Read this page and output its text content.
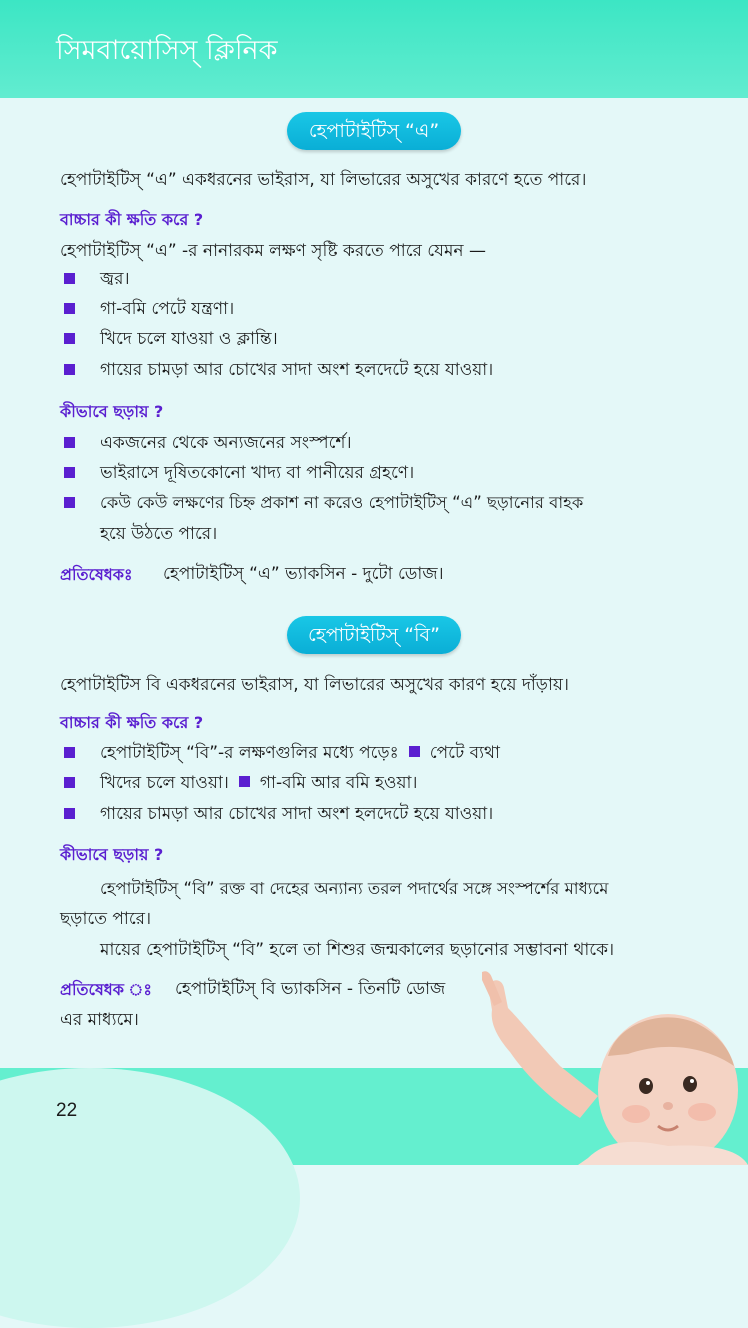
সিমবায়োসিস্ ক্লিনিক
হেপাটাইটিস্ “এ”
হেপাটাইটিস্ “এ” একধরনের ভাইরাস, যা লিভারের অসুখের কারণে হতে পারে।
বাচ্চার কী ক্ষতি করে ?
হেপাটাইটিস্ “এ” -র নানারকম লক্ষণ সৃষ্টি করতে পারে যেমন —
জ্বর।
গা-বমি পেটে যন্ত্রণা।
খিদে চলে যাওয়া ও ক্লান্তি।
গায়ের চামড়া আর চোখের সাদা অংশ হলদেটে হয়ে যাওয়া।
কীভাবে ছড়ায় ?
একজনের থেকে অন্যজনের সংস্পর্শে।
ভাইরাসে দূষিতকোনো খাদ্য বা পানীয়ের গ্রহণে।
কেউ কেউ লক্ষণের চিহ্ন প্রকাশ না করেও হেপাটাইটিস্ “এ” ছড়ানোর বাহক
হয়ে উঠতে পারে।
প্রতিষেধকঃ হেপাটাইটিস্ “এ” ভ্যাকসিন - দুটো ডোজ।
হেপাটাইটিস্ “বি”
হেপাটাইটিস বি একধরনের ভাইরাস, যা লিভারের অসুখের কারণ হয়ে দাঁড়ায়।
বাচ্চার কী ক্ষতি করে ?
হেপাটাইটিস্ “বি”-র লক্ষণগুলির মধ্যে পড়েঃ পেটে ব্যথা
খিদের চলে যাওয়া। গা-বমি আর বমি হওয়া।
গায়ের চামড়া আর চোখের সাদা অংশ হলদেটে হয়ে যাওয়া।
কীভাবে ছড়ায় ?
হেপাটাইটিস্ “বি” রক্ত বা দেহের অন্যান্য তরল পদার্থের সঙ্গে সংস্পর্শের মাধ্যমে
ছড়াতে পারে।
মায়ের হেপাটাইটিস্ “বি” হলে তা শিশুর জন্মকালের ছড়ানোর সম্ভাবনা থাকে।
প্রতিষেধক ঃ হেপাটাইটিস্ বি ভ্যাকসিন - তিনটি ডোজ
এর মাধ্যমে।
22
